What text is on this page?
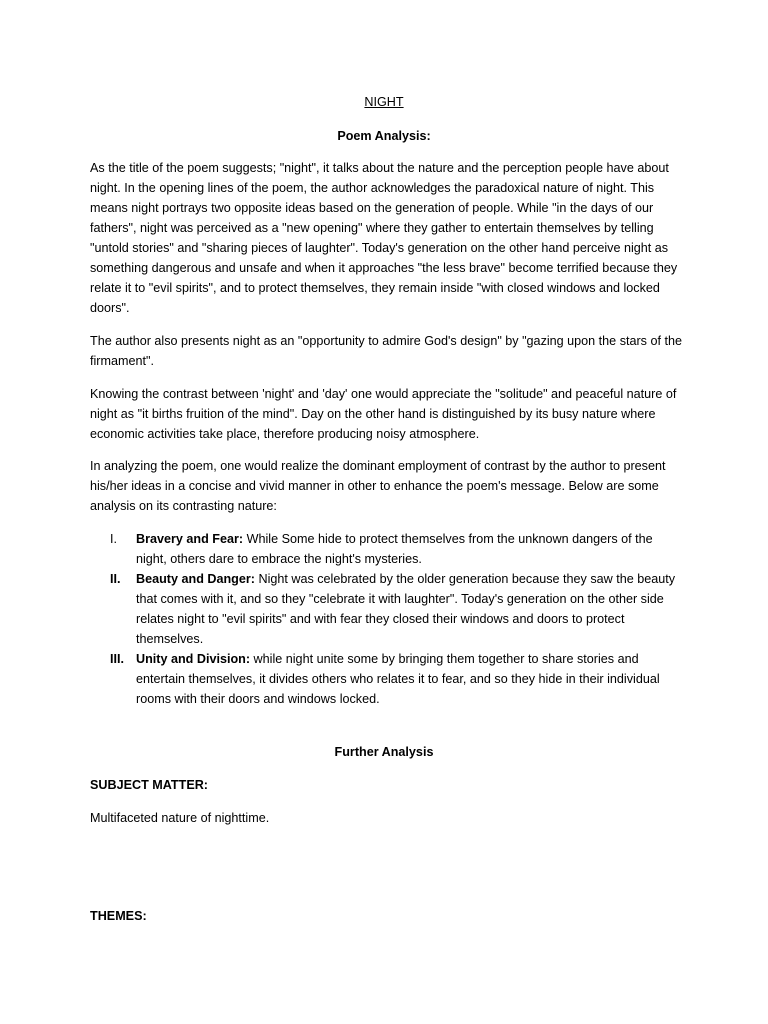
NIGHT
Poem Analysis:

As the title of the poem suggests; "night", it talks about the nature and the perception people have about night. In the opening lines of the poem, the author acknowledges the paradoxical nature of night. This means night portrays two opposite ideas based on the generation of people. While "in the days of our fathers", night was perceived as a "new opening" where they gather to entertain themselves by telling "untold stories" and "sharing pieces of laughter". Today's generation on the other hand perceive night as something dangerous and unsafe and when it approaches "the less brave" become terrified because they relate it to "evil spirits", and to protect themselves, they remain inside "with closed windows and locked doors".

The author also presents night as an "opportunity to admire God's design" by "gazing upon the stars of the firmament".

Knowing the contrast between 'night' and 'day' one would appreciate the "solitude" and peaceful nature of night as "it births fruition of the mind". Day on the other hand is distinguished by its busy nature where economic activities take place, therefore producing noisy atmosphere.

In analyzing the poem, one would realize the dominant employment of contrast by the author to present his/her ideas in a concise and vivid manner in other to enhance the poem's message. Below are some analysis on its contrasting nature:

I. Bravery and Fear: While Some hide to protect themselves from the unknown dangers of the night, others dare to embrace the night's mysteries.
II. Beauty and Danger: Night was celebrated by the older generation because they saw the beauty that comes with it, and so they "celebrate it with laughter". Today's generation on the other side relates night to "evil spirits" and with fear they closed their windows and doors to protect themselves.
III. Unity and Division: while night unite some by bringing them together to share stories and entertain themselves, it divides others who relates it to fear, and so they hide in their individual rooms with their doors and windows locked.
Further Analysis
SUBJECT MATTER:

Multifaceted nature of nighttime.

THEMES:
